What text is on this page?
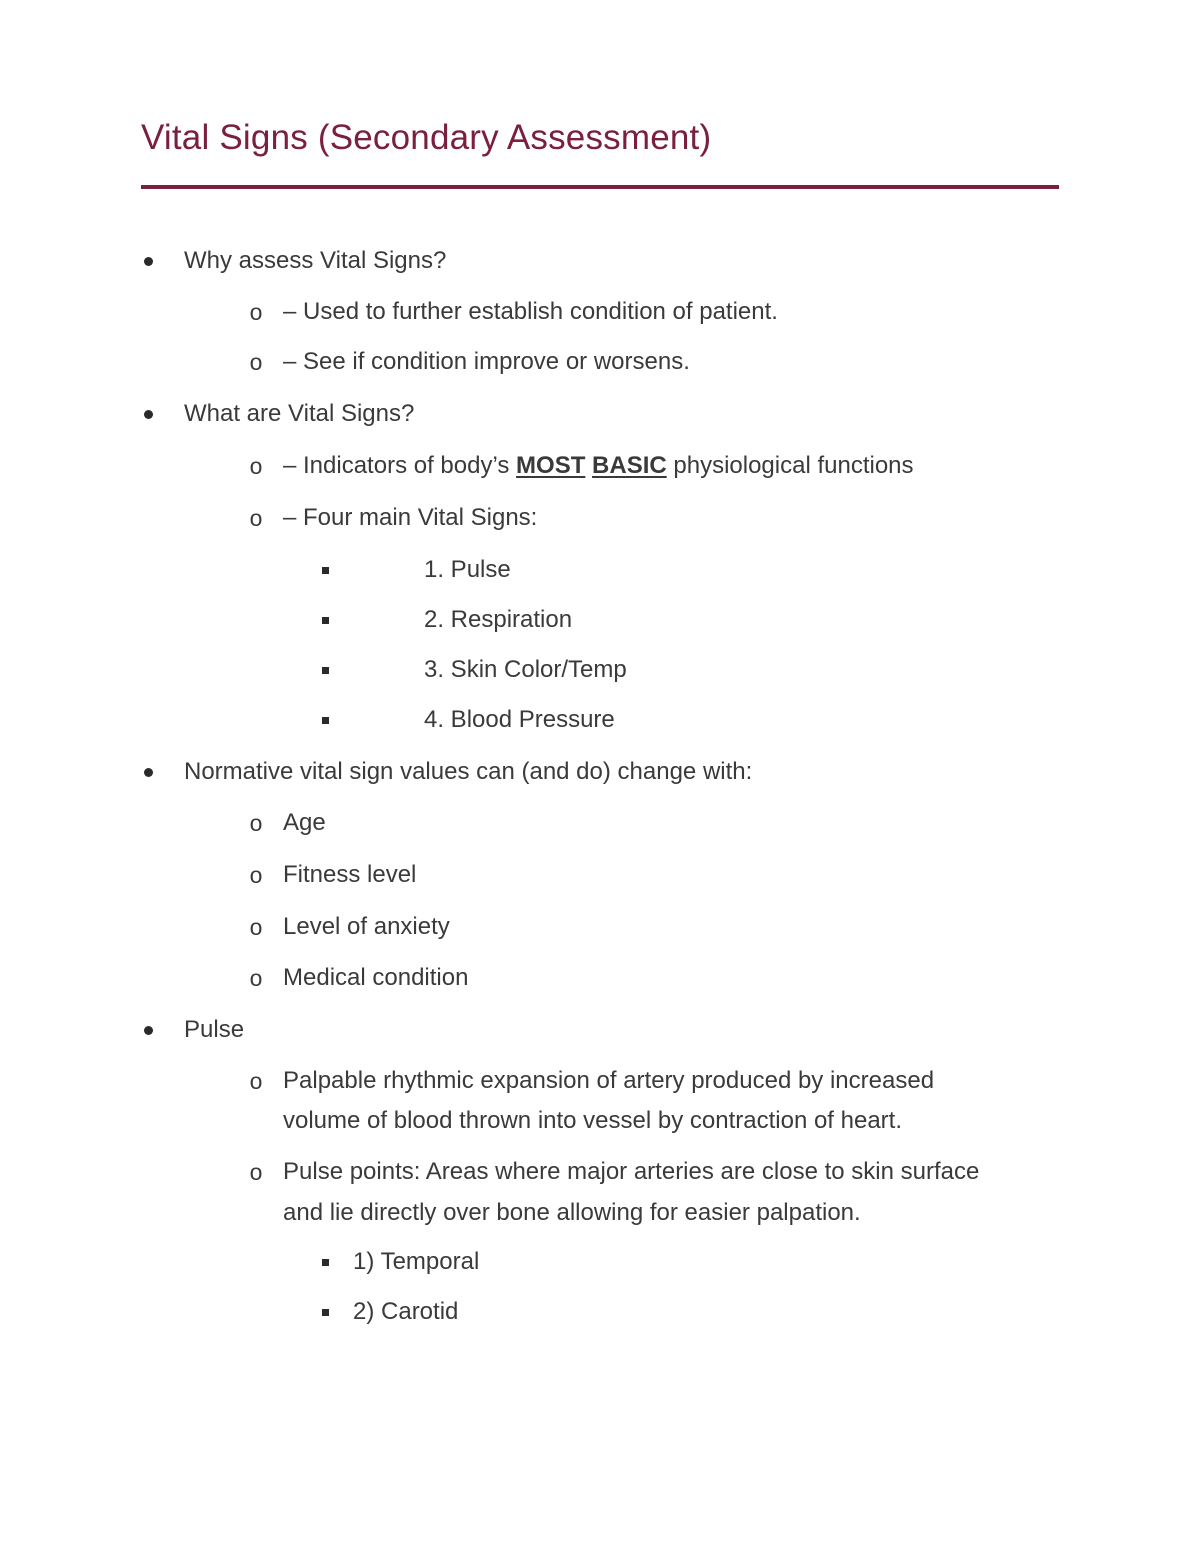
Vital Signs (Secondary Assessment)
Why assess Vital Signs?
o – Used to further establish condition of patient.
o – See if condition improve or worsens.
What are Vital Signs?
o – Indicators of body’s MOST BASIC physiological functions
o – Four main Vital Signs:
1. Pulse
2. Respiration
3. Skin Color/Temp
4. Blood Pressure
Normative vital sign values can (and do) change with:
o Age
o Fitness level
o Level of anxiety
o Medical condition
Pulse
o Palpable rhythmic expansion of artery produced by increased
volume of blood thrown into vessel by contraction of heart.
o Pulse points: Areas where major arteries are close to skin surface
and lie directly over bone allowing for easier palpation.
1) Temporal
2) Carotid
